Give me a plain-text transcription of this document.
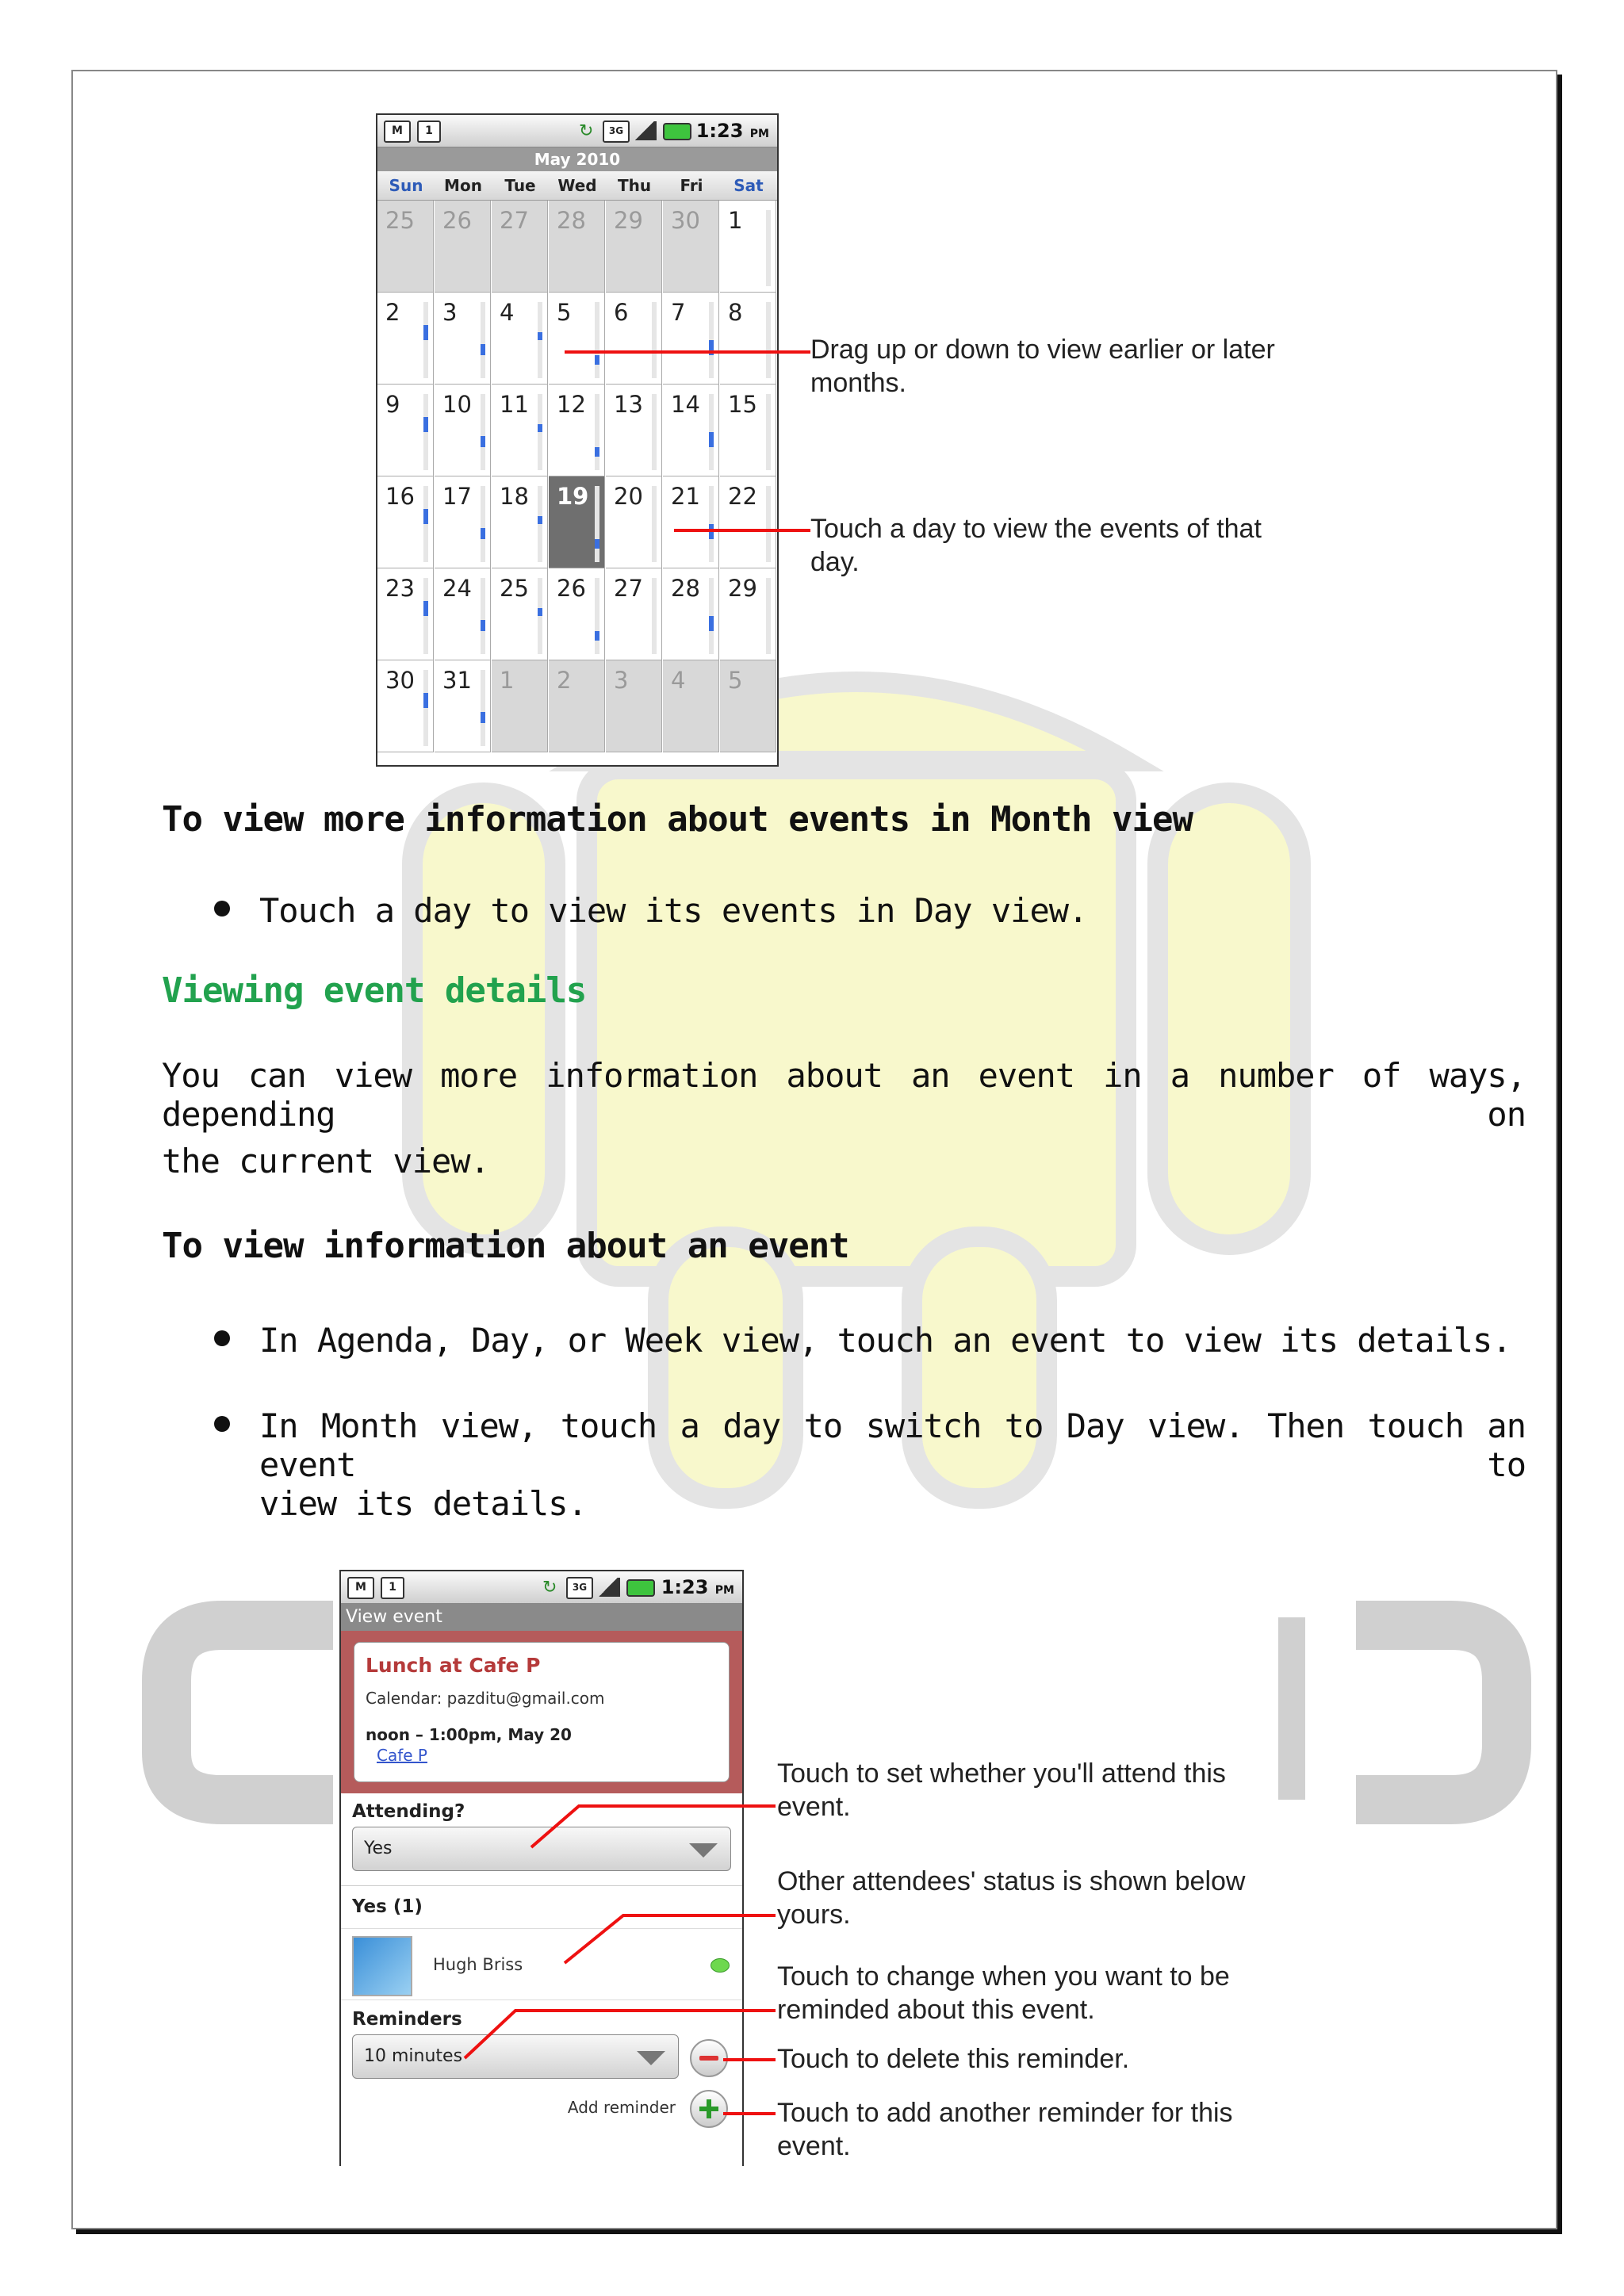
M	1	↻	3G	1:23 PM
May 2010
Sun	Mon	Tue	Wed	Thu	Fri	Sat
25 26 27 28 29 30 1
2 3 4 5 6 7 8
9 10 11 12 13 14 15
16 17 18 19 20 21 22
23 24 25 26 27 28 29
30 31 1 2 3 4 5
Drag up or down to view earlier or later
months.
Touch a day to view the events of that
day.
To view more information about events in Month view
Touch a day to view its events in Day view.
Viewing event details
You can view more information about an event in a number of ways, depending on
the current view.
To view information about an event
In Agenda, Day, or Week view, touch an event to view its details.
In Month view, touch a day to switch to Day view. Then touch an event to
view its details.
M	1	↻	3G	1:23 PM
View event
Lunch at Cafe P
Calendar: pazditu@gmail.com
noon – 1:00pm, May 20
Cafe P
Attending?
Yes
Yes (1)
Hugh Briss
Reminders
10 minutes
Add reminder
Touch to set whether you'll attend this
event.
Other attendees' status is shown below
yours.
Touch to change when you want to be
reminded about this event.
Touch to delete this reminder.
Touch to add another reminder for this
event.
